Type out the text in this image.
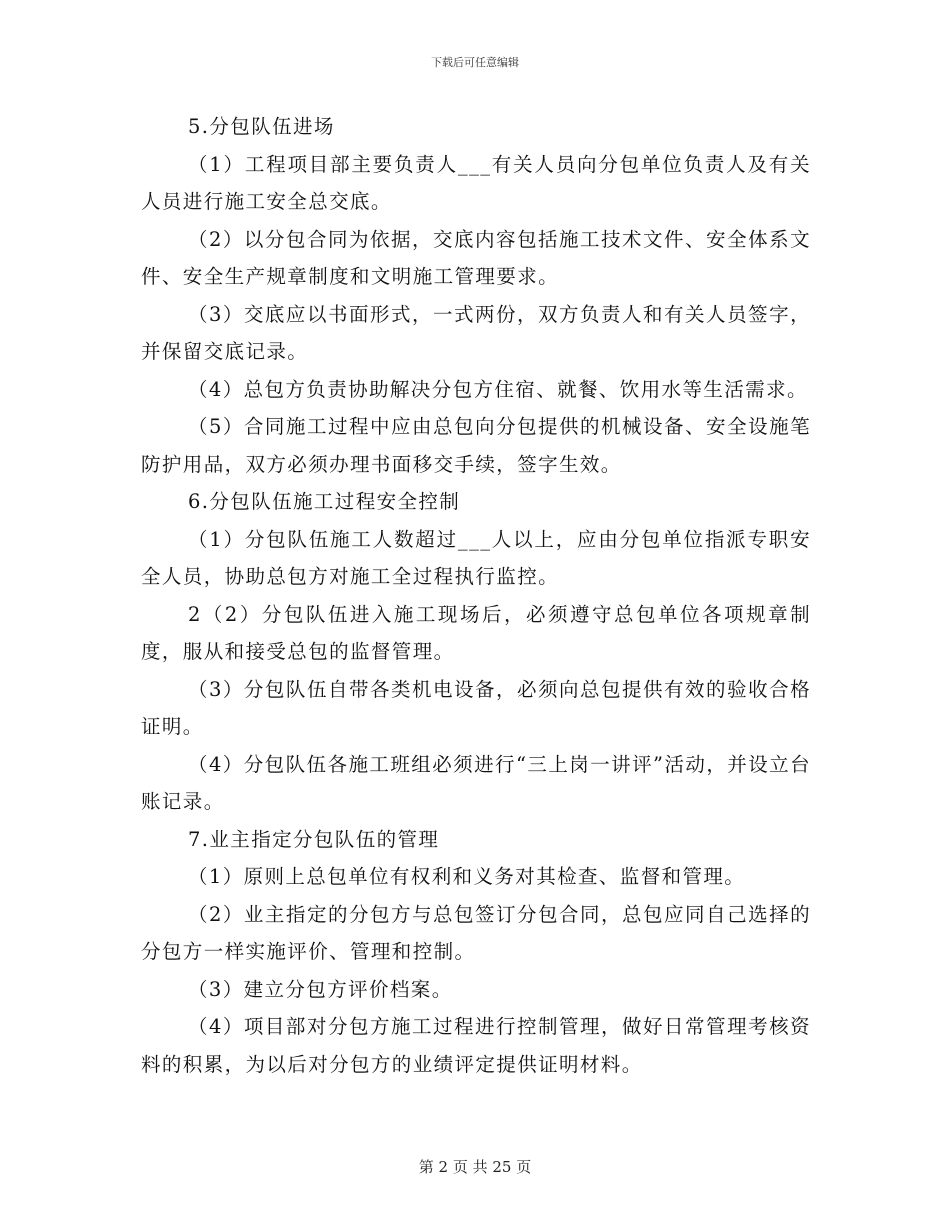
下载后可任意编辑

5.分包队伍进场

（1）工程项目部主要负责人___有关人员向分包单位负责人及有关人员进行施工安全总交底。

（2）以分包合同为依据，交底内容包括施工技术文件、安全体系文件、安全生产规章制度和文明施工管理要求。

（3）交底应以书面形式，一式两份，双方负责人和有关人员签字，并保留交底记录。

（4）总包方负责协助解决分包方住宿、就餐、饮用水等生活需求。

（5）合同施工过程中应由总包向分包提供的机械设备、安全设施笔防护用品，双方必须办理书面移交手续，签字生效。

6.分包队伍施工过程安全控制

（1）分包队伍施工人数超过___人以上，应由分包单位指派专职安全人员，协助总包方对施工全过程执行监控。

2（2）分包队伍进入施工现场后，必须遵守总包单位各项规章制度，服从和接受总包的监督管理。

（3）分包队伍自带各类机电设备，必须向总包提供有效的验收合格证明。

（4）分包队伍各施工班组必须进行“三上岗一讲评”活动，并设立台账记录。

7.业主指定分包队伍的管理

（1）原则上总包单位有权利和义务对其检查、监督和管理。

（2）业主指定的分包方与总包签订分包合同，总包应同自己选择的分包方一样实施评价、管理和控制。

（3）建立分包方评价档案。

（4）项目部对分包方施工过程进行控制管理，做好日常管理考核资料的积累，为以后对分包方的业绩评定提供证明材料。

第 2 页 共 25 页
